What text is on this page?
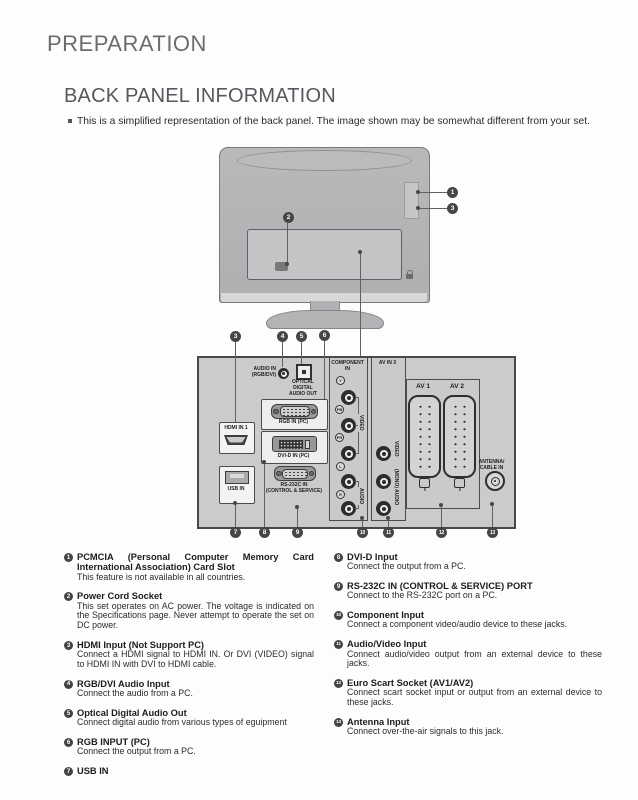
PREPARATION
BACK PANEL INFORMATION
This is a simplified representation of the back panel. The image shown may be somewhat different from your set.
1
3
2
3	4	5	6
AUDIO IN
(RGB/DVI)
OPTICAL
DIGITAL
AUDIO OUT
RGB IN (PC)
DVI-D IN (PC)
RS-232C IN
(CONTROL & SERVICE)
HDMI IN 1
USB IN
COMPONENT
IN
Y
PB
PR
L
R
VIDEO
AUDIO
AV IN 3
VIDEO
(MONO) AUDIO
AV 1	AV 2
ANTENNA/
CABLE IN
7	8	9	10	11	12	13
1 PCMCIA (Personal Computer Memory Card International Association) Card Slot
This feature is not available in all countries.
2 Power Cord Socket
This set operates on AC power. The voltage is indicated on the Specifications page. Never attempt to operate the set on DC power.
3 HDMI Input (Not Support PC)
Connect a HDMI signal to HDMI IN. Or DVI (VIDEO) signal to HDMI IN with DVI to HDMI cable.
4 RGB/DVI Audio Input
Connect the audio from a PC.
5 Optical Digital Audio Out
Connect digital audio from various types of eguipment
6 RGB INPUT (PC)
Connect the output from a PC.
7 USB IN
8 DVI-D Input
Connect the output from a PC.
9 RS-232C IN (CONTROL & SERVICE) PORT
Connect to the RS-232C port on a PC.
10 Component Input
Connect a component video/audio device to these jacks.
11 Audio/Video Input
Connect audio/video output from an external device to these jacks.
12 Euro Scart Socket (AV1/AV2)
Connect scart socket input or output from an external device to these jacks.
13 Antenna Input
Connect over-the-air signals to this jack.
